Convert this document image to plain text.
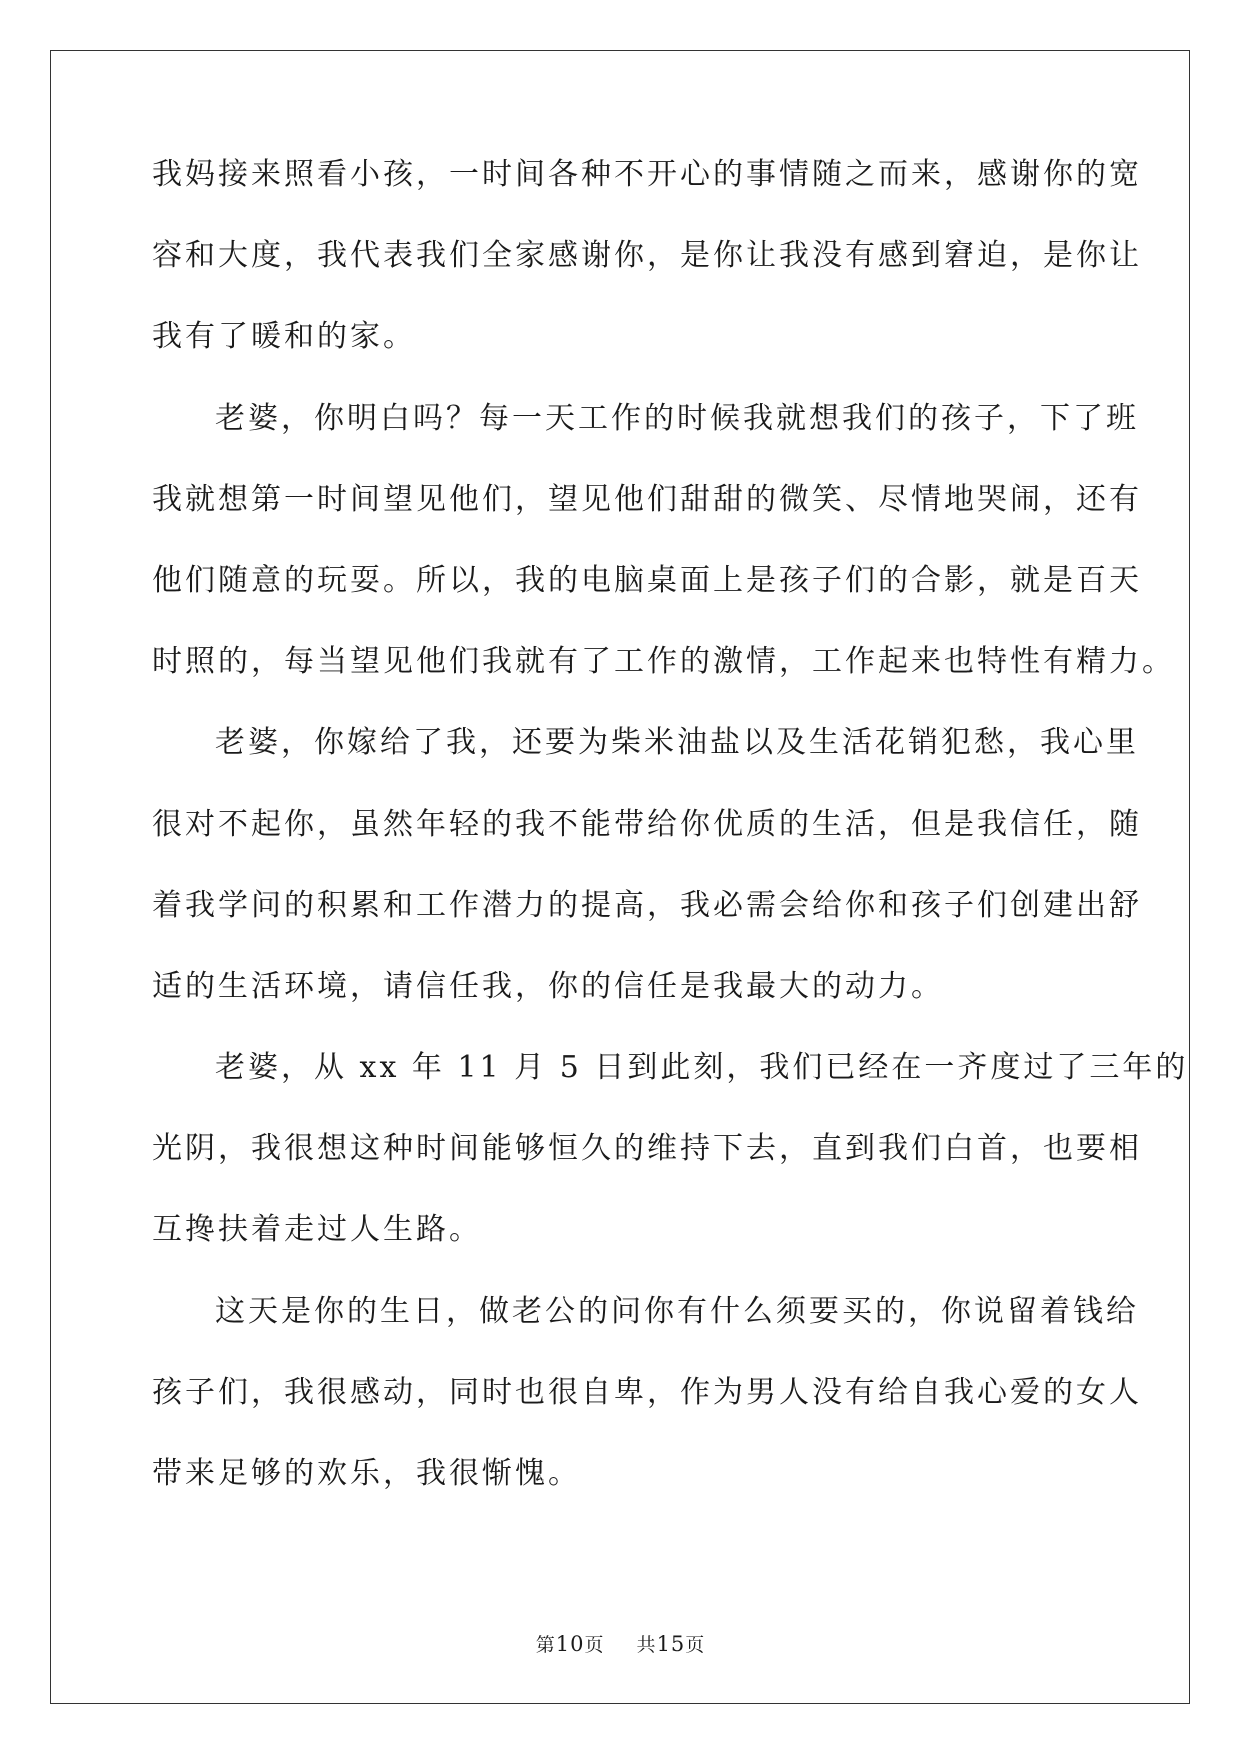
我妈接来照看小孩，一时间各种不开心的事情随之而来，感谢你的宽

容和大度，我代表我们全家感谢你，是你让我没有感到窘迫，是你让

我有了暖和的家。

老婆，你明白吗？每一天工作的时候我就想我们的孩子，下了班

我就想第一时间望见他们，望见他们甜甜的微笑、尽情地哭闹，还有

他们随意的玩耍。所以，我的电脑桌面上是孩子们的合影，就是百天

时照的，每当望见他们我就有了工作的激情，工作起来也特性有精力。

老婆，你嫁给了我，还要为柴米油盐以及生活花销犯愁，我心里

很对不起你，虽然年轻的我不能带给你优质的生活，但是我信任，随

着我学问的积累和工作潜力的提高，我必需会给你和孩子们创建出舒

适的生活环境，请信任我，你的信任是我最大的动力。

老婆，从 xx 年 11 月 5 日到此刻，我们已经在一齐度过了三年的

光阴，我很想这种时间能够恒久的维持下去，直到我们白首，也要相

互搀扶着走过人生路。

这天是你的生日，做老公的问你有什么须要买的，你说留着钱给

孩子们，我很感动，同时也很自卑，作为男人没有给自我心爱的女人

带来足够的欢乐，我很惭愧。

第10页 共15页
